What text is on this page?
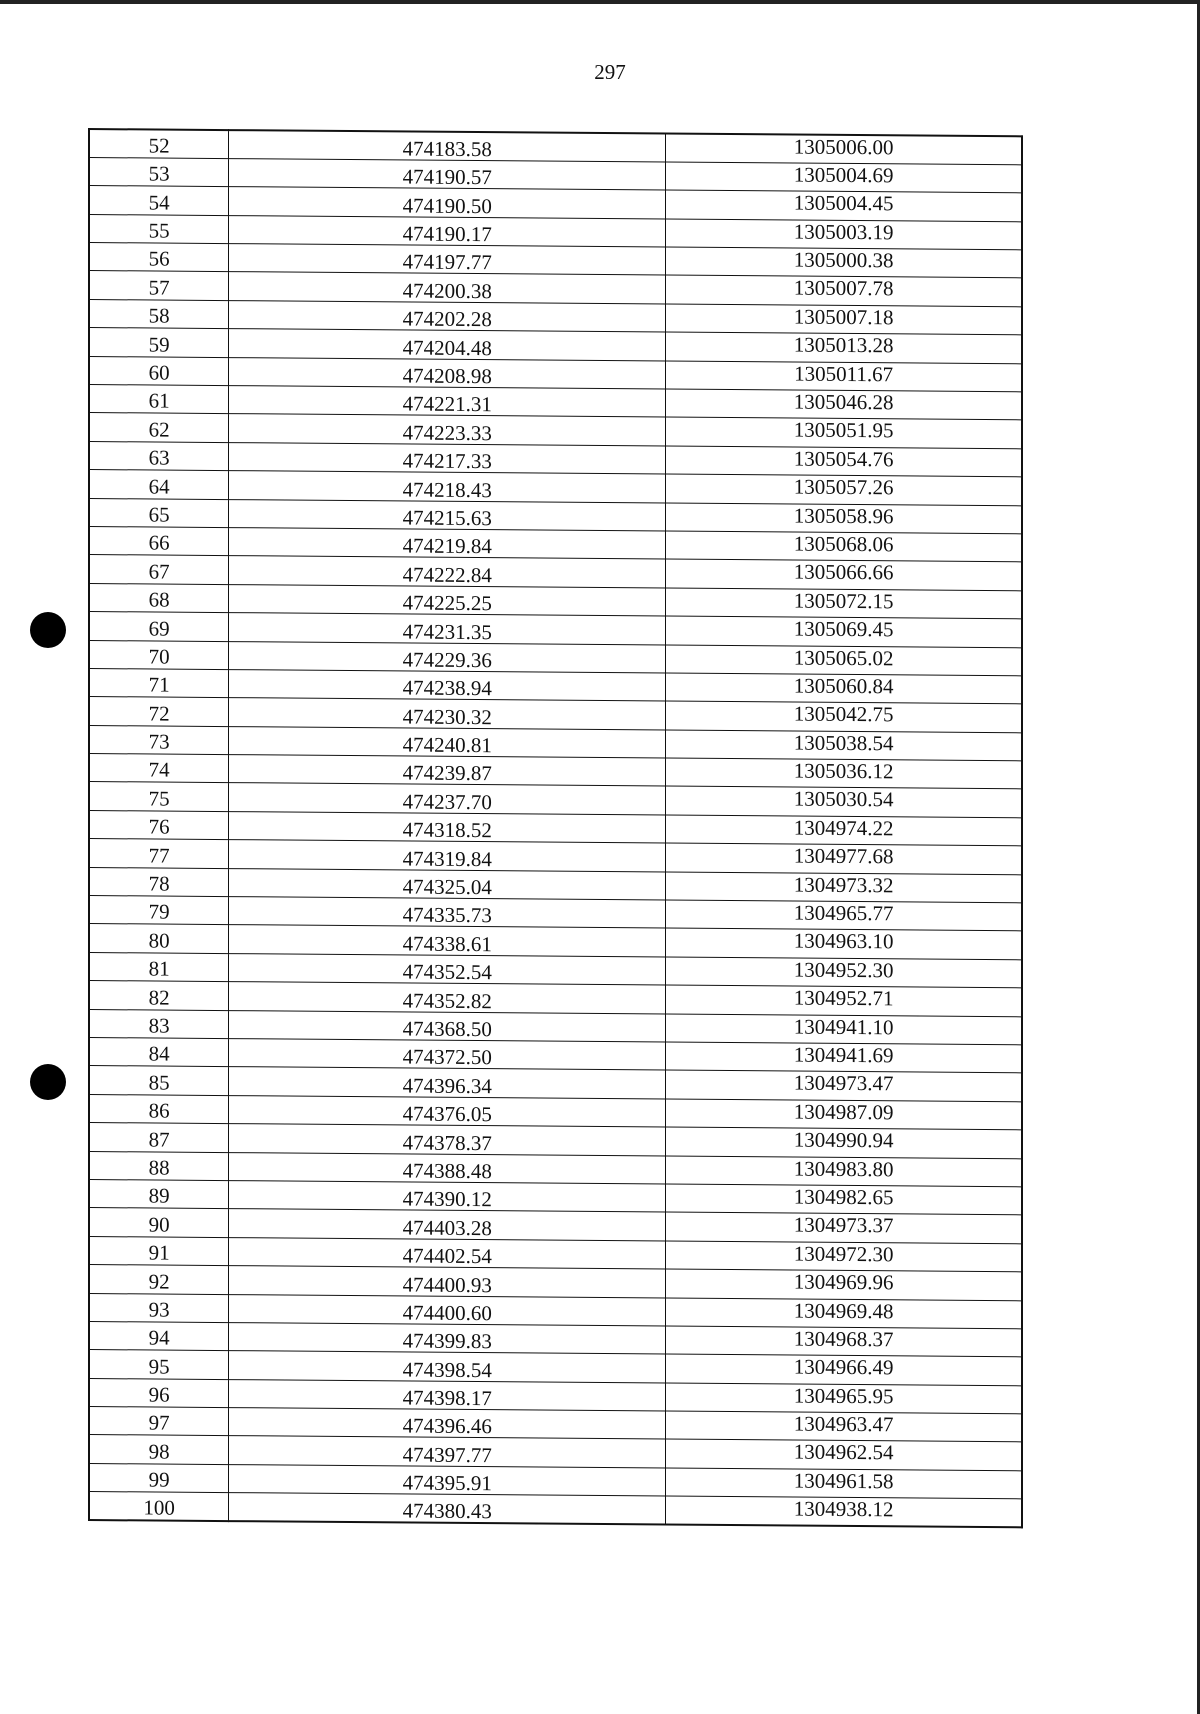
297
52	474183.58	1305006.00
53	474190.57	1305004.69
54	474190.50	1305004.45
55	474190.17	1305003.19
56	474197.77	1305000.38
57	474200.38	1305007.78
58	474202.28	1305007.18
59	474204.48	1305013.28
60	474208.98	1305011.67
61	474221.31	1305046.28
62	474223.33	1305051.95
63	474217.33	1305054.76
64	474218.43	1305057.26
65	474215.63	1305058.96
66	474219.84	1305068.06
67	474222.84	1305066.66
68	474225.25	1305072.15
69	474231.35	1305069.45
70	474229.36	1305065.02
71	474238.94	1305060.84
72	474230.32	1305042.75
73	474240.81	1305038.54
74	474239.87	1305036.12
75	474237.70	1305030.54
76	474318.52	1304974.22
77	474319.84	1304977.68
78	474325.04	1304973.32
79	474335.73	1304965.77
80	474338.61	1304963.10
81	474352.54	1304952.30
82	474352.82	1304952.71
83	474368.50	1304941.10
84	474372.50	1304941.69
85	474396.34	1304973.47
86	474376.05	1304987.09
87	474378.37	1304990.94
88	474388.48	1304983.80
89	474390.12	1304982.65
90	474403.28	1304973.37
91	474402.54	1304972.30
92	474400.93	1304969.96
93	474400.60	1304969.48
94	474399.83	1304968.37
95	474398.54	1304966.49
96	474398.17	1304965.95
97	474396.46	1304963.47
98	474397.77	1304962.54
99	474395.91	1304961.58
100	474380.43	1304938.12
